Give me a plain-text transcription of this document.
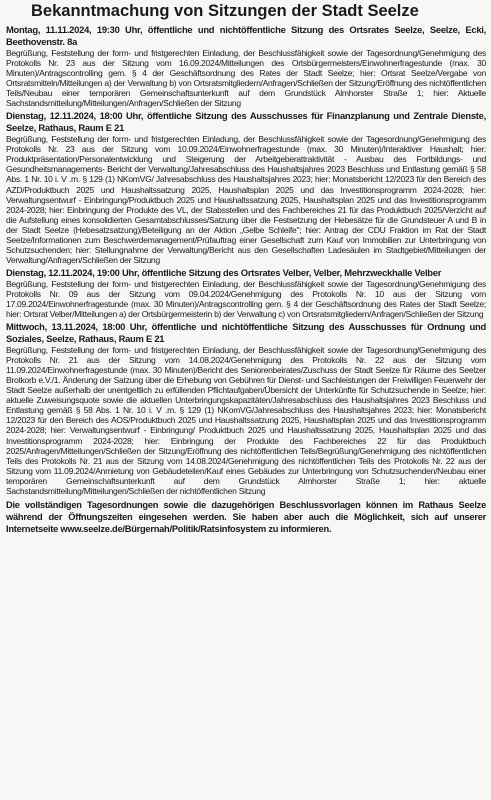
Bekanntmachung von Sitzungen der Stadt Seelze
Montag, 11.11.2024, 19:30 Uhr, öffentliche und nichtöffentliche Sitzung des Ortsrates Seelze, Seelze, Ecki, Beethovenstr. 8a
Begrüßung, Feststellung der form- und fristgerechten Einladung, der Beschlussfähigkeit sowie der Tagesordnung/Genehmigung des Protokolls Nr. 23 aus der Sitzung vom 16.09.2024/Mitteilungen des Ortsbürgermeisters/Einwohnerfragestunde (max. 30 Minuten)/Antragscontrolling gem. § 4 der Geschäftsordnung des Rates der Stadt Seelze; hier: Ortsrat Seelze/Vergabe von Ortsratsmitteln/Mitteilungen a) der Verwaltung b) von Ortsratsmitgliedern/Anfragen/Schließen der Sitzung/Eröffnung des nichtöffentlichen Teils/Neubau einer temporären Gemeinschaftsunterkunft auf dem Grundstück Almhorster Straße 1; hier: Aktuelle Sachstandsmitteilung/Mitteilungen/Anfragen/Schließen der Sitzung
Dienstag, 12.11.2024, 18:00 Uhr, öffentliche Sitzung des Ausschusses für Finanzplanung und Zentrale Dienste, Seelze, Rathaus, Raum E 21
Begrüßung, Feststellung der form- und fristgerechten Einladung, der Beschlussfähigkeit sowie der Tagesordnung/Genehmigung des Protokolls Nr. 23 aus der Sitzung vom 10.09.2024/Einwohnerfragestunde (max. 30 Minuten)/Interaktiver Haushalt; hier: Produktpräsentation/Personalentwicklung und Steigerung der Arbeitgeberattraktivität - Ausbau des Fortbildungs- und Gesundheitsmanagements- Bericht der Verwaltung/Jahresabschluss des Haushaltsjahres 2023 Beschluss und Entlastung gemäß § 58 Abs. 1 Nr. 10 i. V .m. § 129 (1) NKomVG/ Jahresabschluss des Haushaltsjahres 2023; hier: Monatsbericht 12/2023 für den Bereich des AZD/Produktbuch 2025 und Haushaltssatzung 2025, Haushaltsplan 2025 und das Investitionsprogramm 2024-2028; hier: Verwaltungsentwurf - Einbringung/Produktbuch 2025 und Haushaltssatzung 2025, Haushaltsplan 2025 und das Investitionsprogramm 2024-2028; hier: Einbringung der Produkte des VL, der Stabsstellen und des Fachbereiches 21 für das Produktbuch 2025/Verzicht auf die Aufstellung eines konsolidierten Gesamtabschlusses/Satzung über die Festsetzung der Hebesätze für die Grundsteuer A und B in der Stadt Seelze (Hebesatzsatzung)/Beteiligung an der Aktion „Gelbe Schleife"; hier: Antrag der CDU Fraktion im Rat der Stadt Seelze/Informationen zum Beschwerdemanagement/Prüfauftrag einer Gesellschaft zum Kauf von Immobilien zur Unterbringung von Schutzsuchenden; hier: Stellungnahme der Verwaltung/Bericht aus den Gesellschaften Ladesäulen im Stadtgebiet/Mitteilungen der Verwaltung/Anfragen/Schließen der Sitzung
Dienstag, 12.11.2024, 19:00 Uhr, öffentliche Sitzung des Ortsrates Velber, Velber, Mehrzweckhalle Velber
Begrüßung, Feststellung der form- und fristgerechten Einladung, der Beschlussfähigkeit sowie der Tagesordnung/Genehmigung des Protokolls Nr. 09 aus der Sitzung vom 09.04.2024/Genehmigung des Protokolls Nr. 10 aus der Sitzung vom 17.09.2024/Einwohnerfragestunde (max. 30 Minuten)/Antragscontrolling gem. § 4 der Geschäftsordnung des Rates der Stadt Seelze; hier: Ortsrat Velber/Mitteilungen a) der Ortsbürgermeisterin b) der Verwaltung c) von Ortsratsmitgliedern/Anfragen/Schließen der Sitzung
Mittwoch, 13.11.2024, 18:00 Uhr, öffentliche und nichtöffentliche Sitzung des Ausschusses für Ordnung und Soziales, Seelze, Rathaus, Raum E 21
Begrüßung, Feststellung der form- und fristgerechten Einladung, der Beschlussfähigkeit sowie der Tagesordnung/Genehmigung des Protokolls Nr. 21 aus der Sitzung vom 14.08.2024/Genehmigung des Protokolls Nr. 22 aus der Sitzung vom 11.09.2024/Einwohnerfragestunde (max. 30 Minuten)/Bericht des Seniorenbeirates/Zuschuss der Stadt Seelze für Räume des Seelzer Brotkorb e.V./1. Änderung der Satzung über die Erhebung von Gebühren für Dienst- und Sachleistungen der Freiwilligen Feuerwehr der Stadt Seelze außerhalb der unentgeltlich zu erfüllenden Pflichtaufgaben/Übersicht der Unterkünfte für Schutzsuchende in Seelze; hier: aktuelle Zuweisungsquote sowie die aktuellen Unterbringungskapazitäten/Jahresabschluss des Haushaltsjahres 2023 Beschluss und Entlastung gemäß § 58 Abs. 1 Nr. 10 i. V .m. § 129 (1) NKomVG/Jahresabschluss des Haushaltsjahres 2023; hier: Monatsbericht 12/2023 für den Bereich des AOS/Produktbuch 2025 und Haushaltssatzung 2025, Haushaltsplan 2025 und das Investitionsprogramm 2024-2028; hier: Verwaltungsentwurf - Einbringung/ Produktbuch 2025 und Haushaltssatzung 2025, Haushaltsplan 2025 und das Investitionsprogramm 2024-2028; hier: Einbringung der Produkte des Fachbereiches 22 für das Produktbuch 2025/Anfragen/Mitteilungen/Schließen der Sitzung/Eröffnung des nichtöffentlichen Teils/Begrüßung/Genehmigung des nichtöffentlichen Teils des Protokolls Nr. 21 aus der Sitzung vom 14.08.2024/Genehmigung des nichtöffentlichen Teils des Protokolls Nr. 22 aus der Sitzung vom 11.09.2024/Anmietung von Gebäudeteilen/Kauf eines Gebäudes zur Unterbringung von Schutzsuchenden/Neubau einer temporären Gemeinschaftsunterkunft auf dem Grundstück Almhorster Straße 1; hier: aktuelle Sachstandsmitteilung/Mitteilungen/Schließen der nichtöffentlichen Sitzung
Die vollständigen Tagesordnungen sowie die dazugehörigen Beschlussvorlagen können im Rathaus Seelze während der Öffnungszeiten eingesehen werden. Sie haben aber auch die Möglichkeit, sich auf unserer Internetseite www.seelze.de/Bürgernah/Politik/Ratsinfosystem zu informieren.
